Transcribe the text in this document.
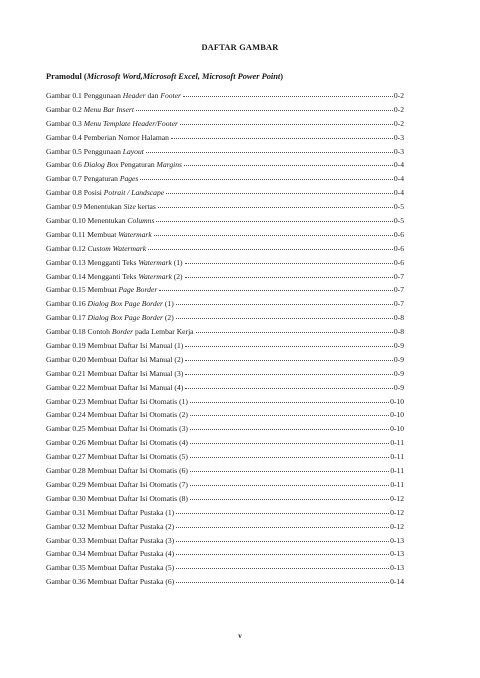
DAFTAR GAMBAR
Pramodul (Microsoft Word,Microsoft Excel, Microsoft Power Point)
Gambar 0.1 Penggunaan Header dan Footer	0-2
Gambar 0.2 Menu Bar Insert	0-2
Gambar 0.3 Menu Template Header/Footer	0-2
Gambar 0.4 Pemberian Nomor Halaman	0-3
Gambar 0.5 Penggunaan Layout	0-3
Gambar 0.6 Dialog Box Pengaturan Margins	0-4
Gambar 0.7 Pengaturan Pages	0-4
Gambar 0.8 Posisi Potrait / Landscape	0-4
Gambar 0.9 Menentukan Size kertas	0-5
Gambar 0.10 Menentukan Columns	0-5
Gambar 0.11 Membuat Watermark	0-6
Gambar 0.12 Custom Watermark	0-6
Gambar 0.13 Mengganti Teks Watermark (1)	0-6
Gambar 0.14 Mengganti Teks Watermark (2)	0-7
Gambar 0.15 Membuat Page Border	0-7
Gambar 0.16 Dialog Box Page Border (1)	0-7
Gambar 0.17 Dialog Box Page Border (2)	0-8
Gambar 0.18 Contoh Border pada Lembar Kerja	0-8
Gambar 0.19 Membuat Daftar Isi Manual (1)	0-9
Gambar 0.20 Membuat Daftar Isi Manual (2)	0-9
Gambar 0.21 Membuat Daftar Isi Manual (3)	0-9
Gambar 0.22 Membuat Daftar Isi Manual (4)	0-9
Gambar 0.23 Membuat Daftar Isi Otomatis (1)	0-10
Gambar 0.24 Membuat Daftar Isi Otomatis (2)	0-10
Gambar 0.25 Membuat Daftar Isi Otomatis (3)	0-10
Gambar 0.26 Membuat Daftar Isi Otomatis (4)	0-11
Gambar 0.27 Membuat Daftar Isi Otomatis (5)	0-11
Gambar 0.28 Membuat Daftar Isi Otomatis (6)	0-11
Gambar 0.29 Membuat Daftar Isi Otomatis (7)	0-11
Gambar 0.30 Membuat Daftar Isi Otomatis (8)	0-12
Gambar 0.31 Membuat Daftar Pustaka (1)	0-12
Gambar 0.32 Membuat Daftar Pustaka (2)	0-12
Gambar 0.33 Membuat Daftar Pustaka (3)	0-13
Gambar 0.34 Membuat Daftar Pustaka (4)	0-13
Gambar 0.35 Membuat Daftar Pustaka (5)	0-13
Gambar 0.36 Membuat Daftar Pustaka (6)	0-14
v
